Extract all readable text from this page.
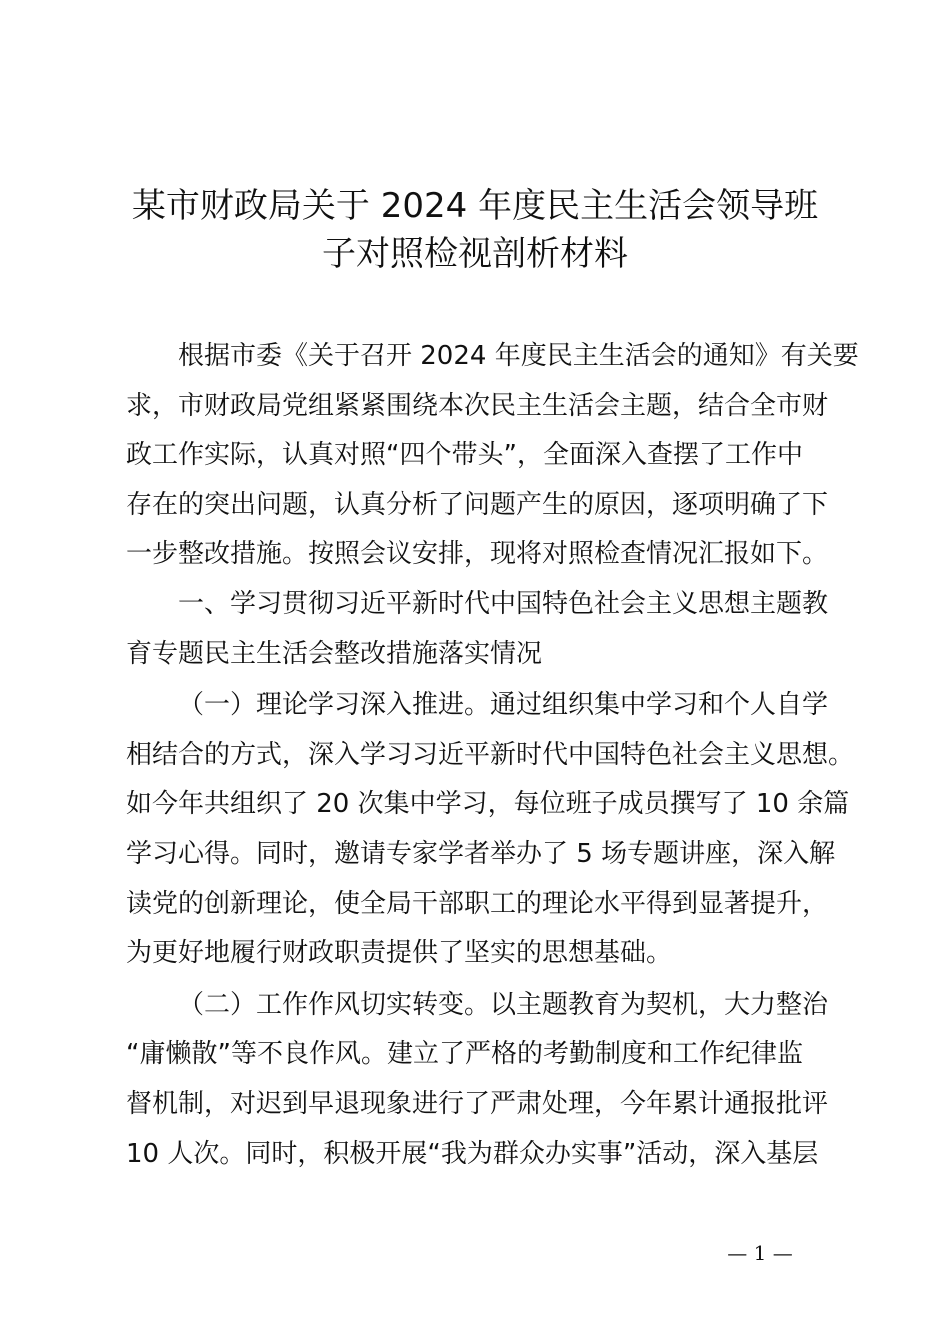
某市财政局关于 2024 年度民主生活会领导班
子对照检视剖析材料

根据市委《关于召开 2024 年度民主生活会的通知》有关要
求，市财政局党组紧紧围绕本次民主生活会主题，结合全市财
政工作实际，认真对照“四个带头”，全面深入查摆了工作中
存在的突出问题，认真分析了问题产生的原因，逐项明确了下
一步整改措施。按照会议安排，现将对照检查情况汇报如下。

一、学习贯彻习近平新时代中国特色社会主义思想主题教
育专题民主生活会整改措施落实情况

（一）理论学习深入推进。通过组织集中学习和个人自学
相结合的方式，深入学习习近平新时代中国特色社会主义思想。
如今年共组织了 20 次集中学习，每位班子成员撰写了 10 余篇
学习心得。同时，邀请专家学者举办了 5 场专题讲座，深入解
读党的创新理论，使全局干部职工的理论水平得到显著提升，
为更好地履行财政职责提供了坚实的思想基础。

（二）工作作风切实转变。以主题教育为契机，大力整治
“庸懒散”等不良作风。建立了严格的考勤制度和工作纪律监
督机制，对迟到早退现象进行了严肃处理，今年累计通报批评
10 人次。同时，积极开展“我为群众办实事”活动，深入基层

— 1 —
